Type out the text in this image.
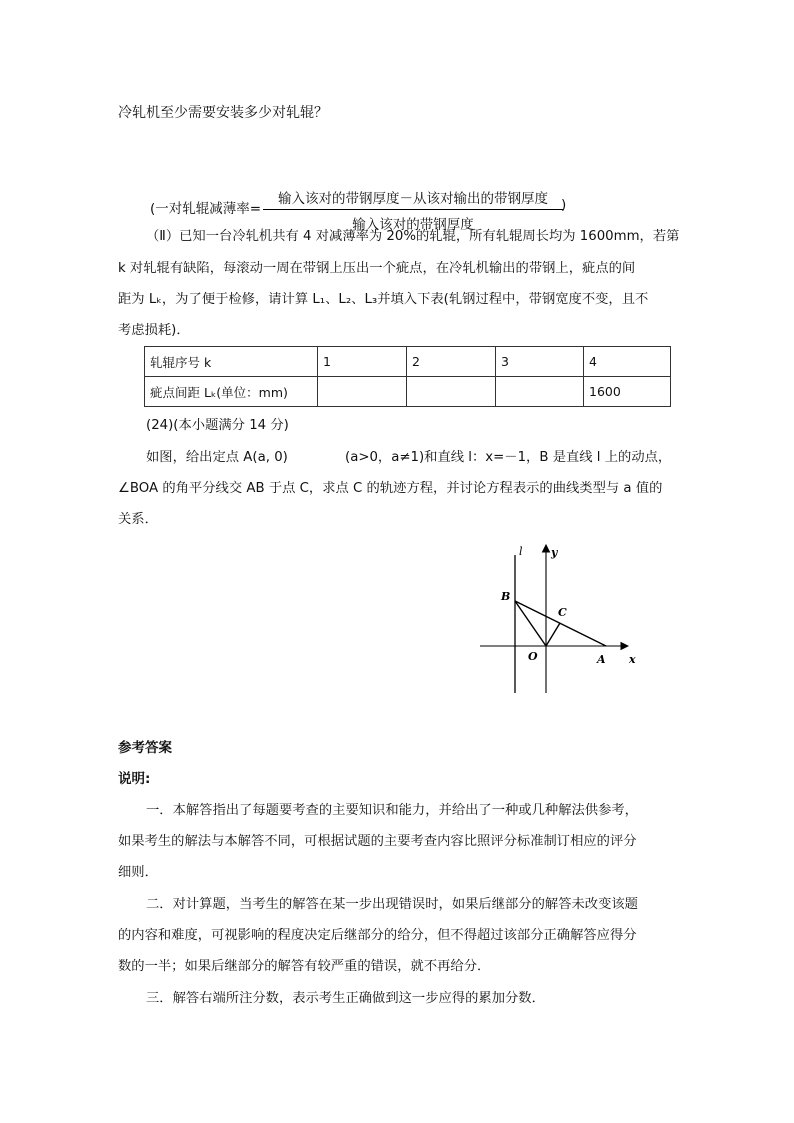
冷轧机至少需要安装多少对轧辊？
(一对轧辊减薄率=
输入该对的带钢厚度－从该对输出的带钢厚度
输入该对的带钢厚度
)
（Ⅱ）已知一台冷轧机共有 4 对减薄率为 20%的轧辊，所有轧辊周长均为 1600mm，若第
k 对轧辊有缺陷，每滚动一周在带钢上压出一个疵点，在冷轧机输出的带钢上，疵点的间
距为 Lₖ，为了便于检修，请计算 L₁、L₂、L₃并填入下表(轧钢过程中，带钢宽度不变，且不
考虑损耗)．
轧辊序号 k	1	2	3	4
疵点间距 Lₖ(单位：mm)				1600
(24)(本小题满分 14 分)
如图，给出定点 A(a, 0)	(a>0，a≠1)和直线 l：x=－1，B 是直线 l 上的动点，
∠BOA 的角平分线交 AB 于点 C，求点 C 的轨迹方程，并讨论方程表示的曲线类型与 a 值的
关系．
l	y
B
C
O	A x
参考答案
说明:
一．本解答指出了每题要考查的主要知识和能力，并给出了一种或几种解法供参考，
如果考生的解法与本解答不同，可根据试题的主要考查内容比照评分标准制订相应的评分
细则．
二．对计算题，当考生的解答在某一步出现错误时，如果后继部分的解答未改变该题
的内容和难度，可视影响的程度决定后继部分的给分，但不得超过该部分正确解答应得分
数的一半；如果后继部分的解答有较严重的错误，就不再给分．
三．解答右端所注分数，表示考生正确做到这一步应得的累加分数．
